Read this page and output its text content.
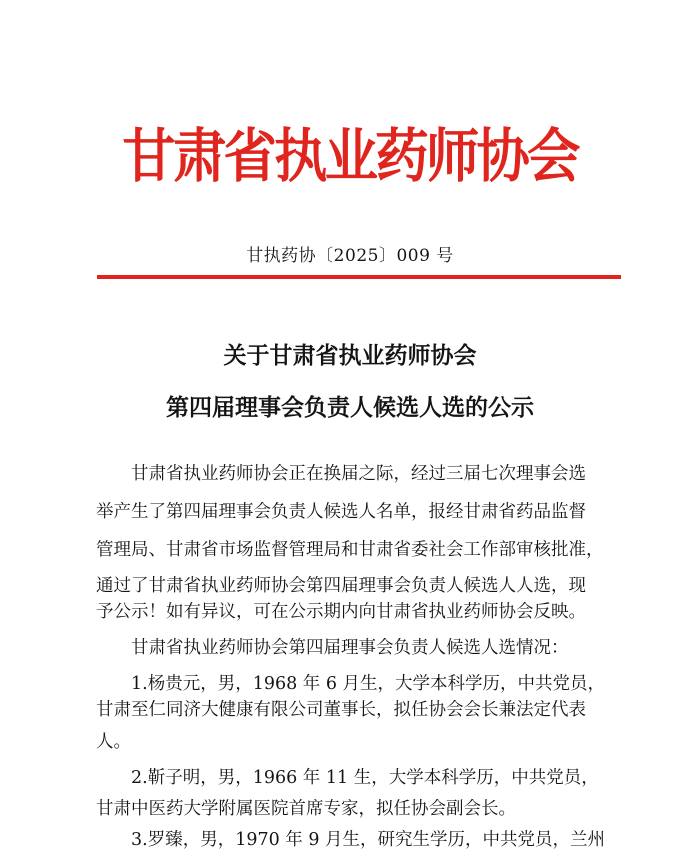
甘肃省执业药师协会
甘执药协〔2025〕009 号
关于甘肃省执业药师协会
第四届理事会负责人候选人选的公示
　　甘肃省执业药师协会正在换届之际，经过三届七次理事会选
举产生了第四届理事会负责人候选人名单，报经甘肃省药品监督
管理局、甘肃省市场监督管理局和甘肃省委社会工作部审核批准，
通过了甘肃省执业药师协会第四届理事会负责人候选人人选，现
予公示！如有异议，可在公示期内向甘肃省执业药师协会反映。
　　甘肃省执业药师协会第四届理事会负责人候选人选情况：
　　1.杨贵元，男，1968 年 6 月生，大学本科学历，中共党员，
甘肃至仁同济大健康有限公司董事长，拟任协会会长兼法定代表
人。
　　2.靳子明，男，1966 年 11 生，大学本科学历，中共党员，
甘肃中医药大学附属医院首席专家，拟任协会副会长。
　　3.罗臻，男，1970 年 9 月生，研究生学历，中共党员，兰州
